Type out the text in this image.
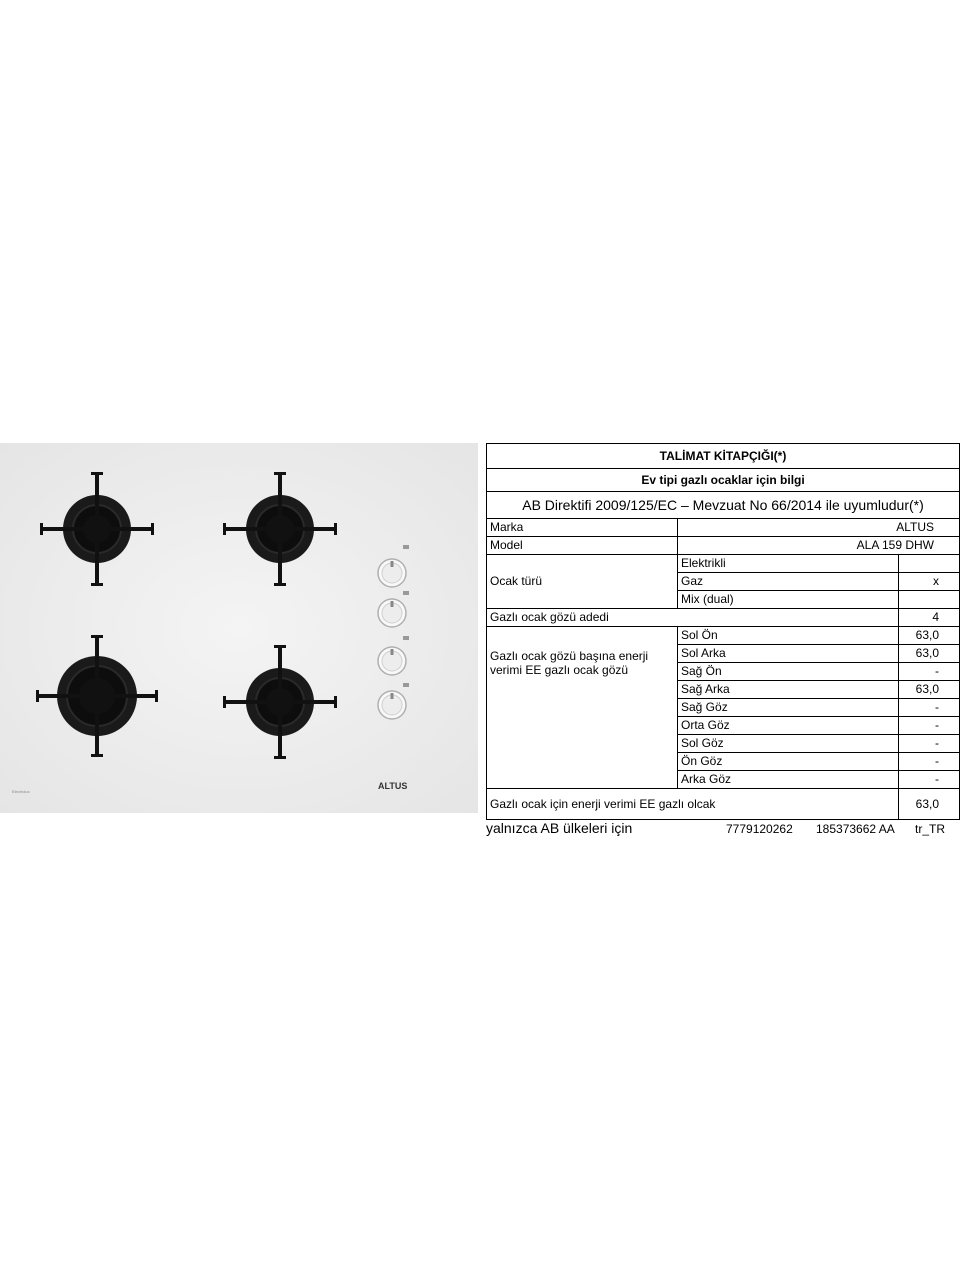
ALTUS
Electrolux
TALİMAT KİTAPÇIĞI(*)		
Ev tipi gazlı ocaklar için bilgi		
AB Direktifi 2009/125/EC – Mevzuat No 66/2014 ile uyumludur(*)		
Marka	ALTUS	
Model	ALA 159 DHW	
Ocak türü	Elektrikli	
	Gaz	x
	Mix (dual)	
Gazlı ocak gözü adedi		4
Gazlı ocak gözü başına enerji verimi EE gazlı ocak gözü	Sol Ön	63,0
	Sol Arka	63,0
	Sağ Ön	-
	Sağ Arka	63,0
	Sağ Göz	-
	Orta Göz	-
	Sol Göz	-
	Ön Göz	-
	Arka Göz	-
Gazlı ocak için enerji verimi EE gazlı olcak		63,0
yalnızca AB ülkeleri için	7779120262 185373662 AA tr_TR
